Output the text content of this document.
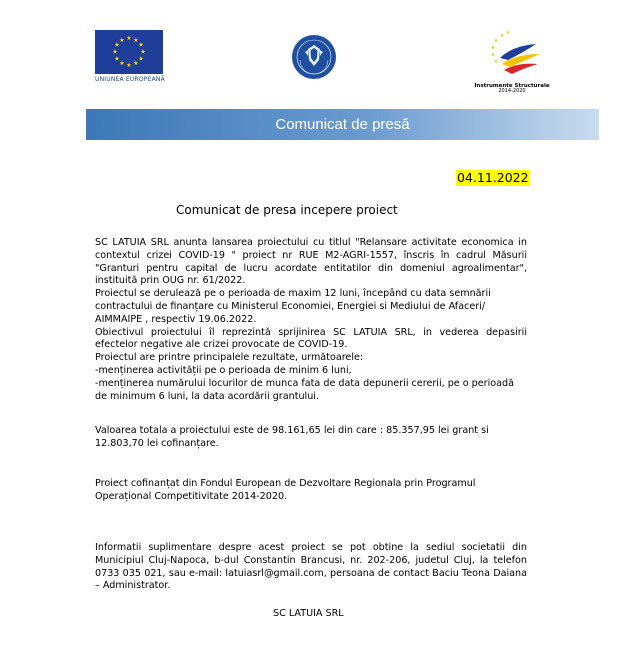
★ ★
★
★
★
★
★
★
★
★
★
★
UNIUNEA EUROPEANĂ
★ ★
★
★
★
★
Instrumente Structurale
2014-2020
Comunicat de presă
04.11.2022
Comunicat de presa incepere proiect

SC LATUIA SRL anunta lansarea proiectului cu titlul "Relansare activitate economica in contextul crizei COVID-19 " proiect nr RUE M2-AGRI-1557, înscris în cadrul Măsurii "Granturi pentru capital de lucru acordate entitatilor din domeniul agroalimentar", instituită prin OUG nr. 61/2022.

Proiectul se derulează pe o perioada de maxim 12 luni, începând cu data semnării contractului de finanțare cu Ministerul Economiei, Energiei si Mediului de Afaceri/ AIMMAIPE , respectiv 19.06.2022.

Obiectivul proiectului îl reprezintă sprijinirea SC LATUIA SRL, in vederea depasirii efectelor negative ale crizei provocate de COVID-19.

Proiectul are printre principalele rezultate, următoarele:

-menținerea activității pe o perioada de minim 6 luni,

-menținerea numărului locurilor de munca fata de data depunerii cererii, pe o perioadă de minimum 6 luni, la data acordării grantului.

Valoarea totala a proiectului este de 98.161,65 lei din care : 85.357,95 lei grant si 12.803,70 lei cofinanțare.

Proiect cofinanțat din Fondul European de Dezvoltare Regionala prin Programul Operațional Competitivitate 2014-2020.

Informatii suplimentare despre acest proiect se pot obtine la sediul societatii din Municipiul Cluj-Napoca, b-dul Constantin Brancusi, nr. 202-206, judetul Cluj, la telefon 0733 035 021, sau e-mail: latuiasrl@gmail.com, persoana de contact Baciu Teona Daiana – Administrator.

SC LATUIA SRL
